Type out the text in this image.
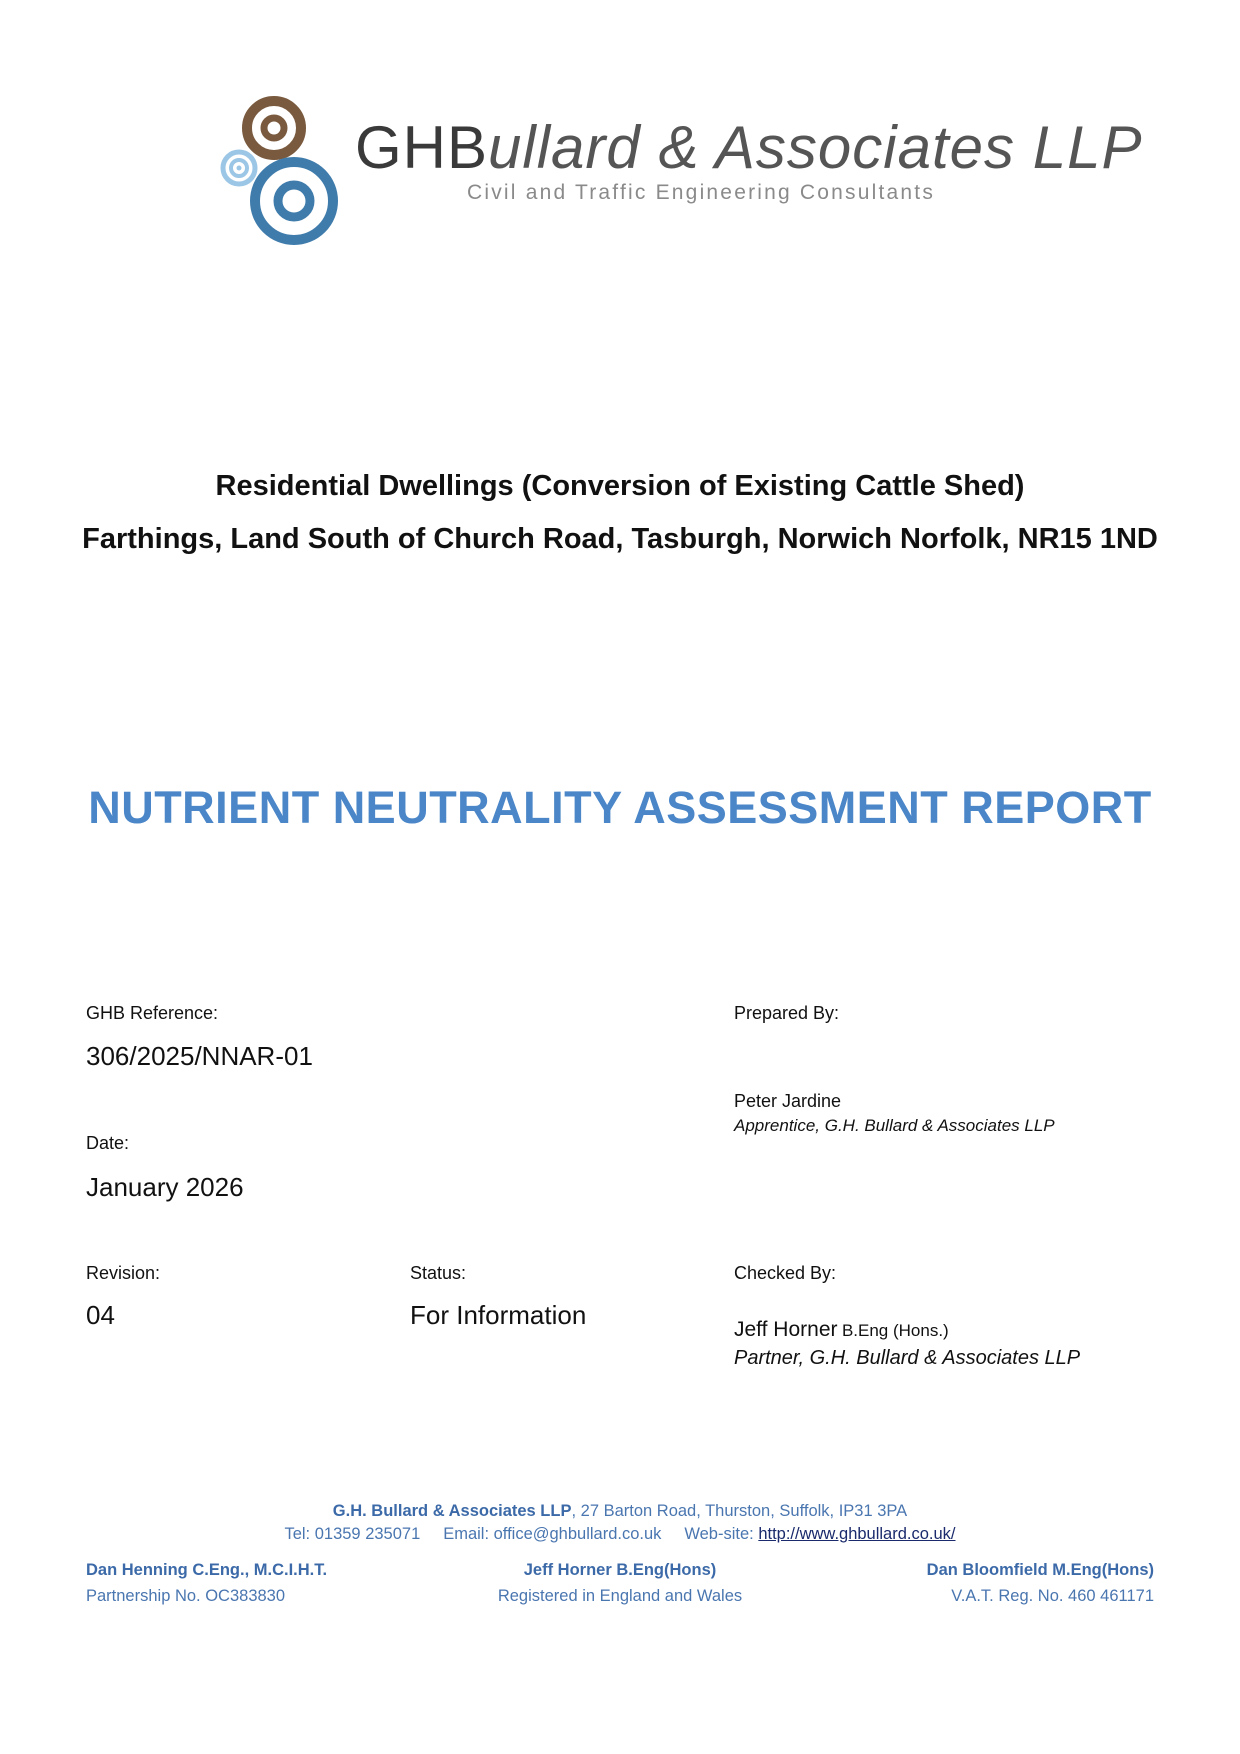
GHBullard & Associates LLP
Civil and Traffic Engineering Consultants
Residential Dwellings (Conversion of Existing Cattle Shed)
Farthings, Land South of Church Road, Tasburgh, Norwich Norfolk, NR15 1ND
NUTRIENT NEUTRALITY ASSESSMENT REPORT
GHB Reference:
306/2025/NNAR-01
Date:
January 2026
Revision:
04
Status:
For Information
Prepared By:
Peter Jardine
Apprentice, G.H. Bullard & Associates LLP
Checked By:
Jeff Horner B.Eng (Hons.)
Partner, G.H. Bullard & Associates LLP
G.H. Bullard & Associates LLP, 27 Barton Road, Thurston, Suffolk, IP31 3PA
Tel: 01359 235071 Email: office@ghbullard.co.uk Web-site: http://www.ghbullard.co.uk/
Dan Henning C.Eng., M.C.I.H.T.	Jeff Horner B.Eng(Hons)	Dan Bloomfield M.Eng(Hons)
Partnership No. OC383830	Registered in England and Wales	V.A.T. Reg. No. 460 461171
